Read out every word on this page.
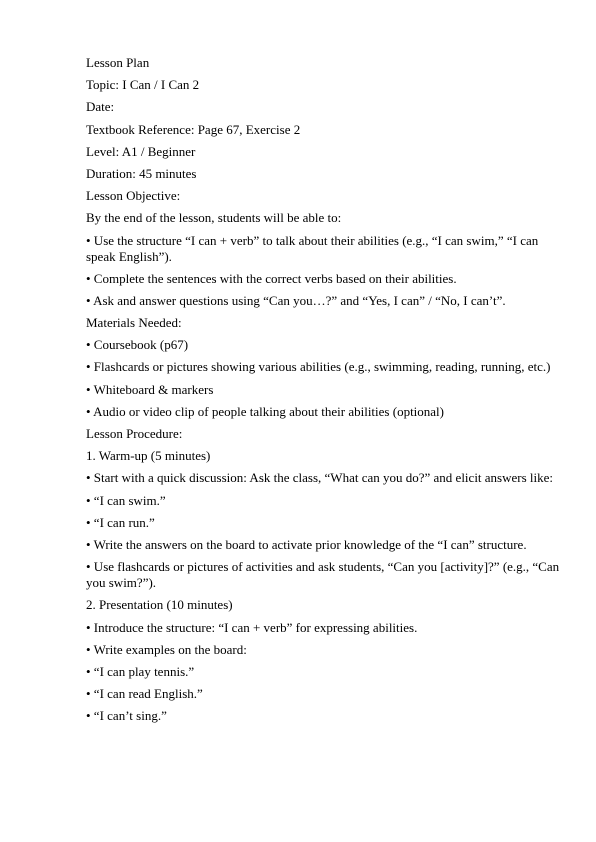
Lesson Plan

Topic: I Can / I Can 2

Date:

Textbook Reference: Page 67, Exercise 2

Level: A1 / Beginner

Duration: 45 minutes

Lesson Objective:

By the end of the lesson, students will be able to:

• Use the structure “I can + verb” to talk about their abilities (e.g., “I can swim,” “I can speak English”).

• Complete the sentences with the correct verbs based on their abilities.

• Ask and answer questions using “Can you…?” and “Yes, I can” / “No, I can’t”.

Materials Needed:

• Coursebook (p67)

• Flashcards or pictures showing various abilities (e.g., swimming, reading, running, etc.)

• Whiteboard & markers

• Audio or video clip of people talking about their abilities (optional)

Lesson Procedure:

1. Warm-up (5 minutes)

• Start with a quick discussion: Ask the class, “What can you do?” and elicit answers like:

• “I can swim.”

• “I can run.”

• Write the answers on the board to activate prior knowledge of the “I can” structure.

• Use flashcards or pictures of activities and ask students, “Can you [activity]?” (e.g., “Can you swim?”).

2. Presentation (10 minutes)

• Introduce the structure: “I can + verb” for expressing abilities.

• Write examples on the board:

• “I can play tennis.”

• “I can read English.”

• “I can’t sing.”
